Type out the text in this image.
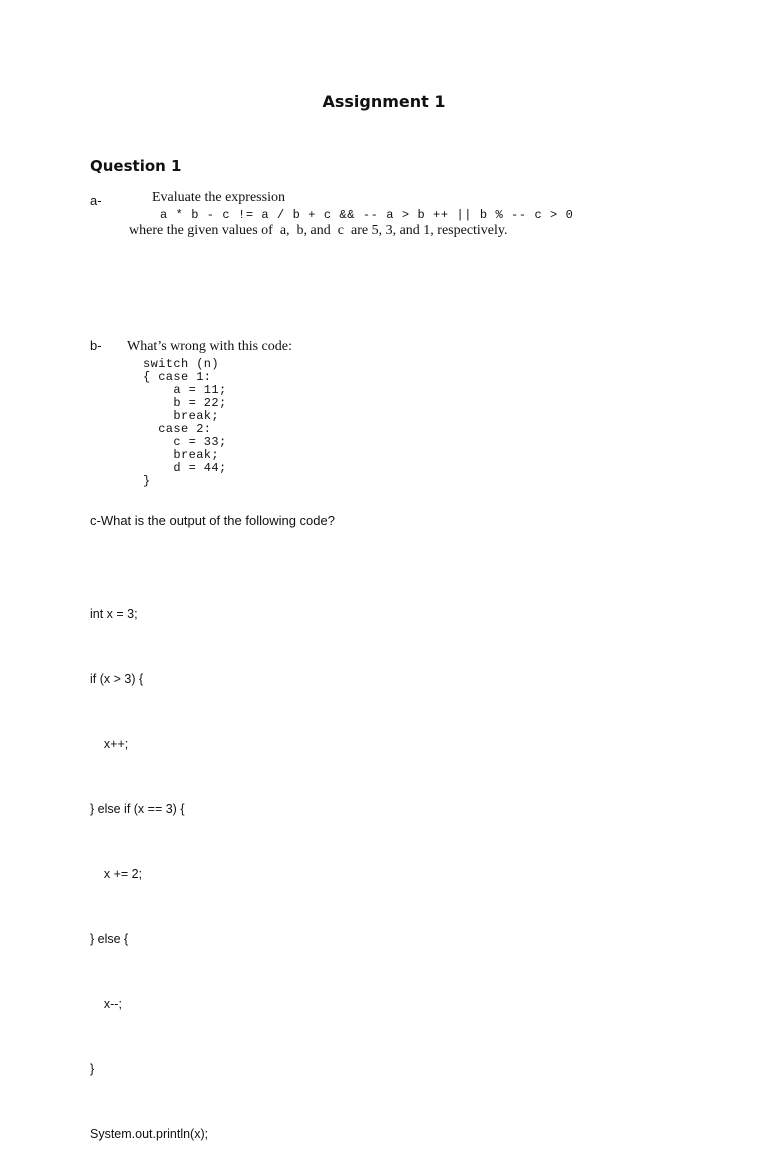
Assignment 1
Question 1
a-	Evaluate the expression
a * b - c != a / b + c && -- a > b ++ || b % -- c > 0
where the given values of  a,  b, and  c  are 5, 3, and 1, respectively.
b- What’s wrong with this code:
switch (n)
{ case 1:
a = 11;
b = 22;
break;
case 2:
c = 33;
break;
d = 44;
}
c-What is the output of the following code?

int x = 3;

if (x > 3) {

x++;

} else if (x == 3) {

x += 2;

} else {

x--;

}

System.out.println(x);
